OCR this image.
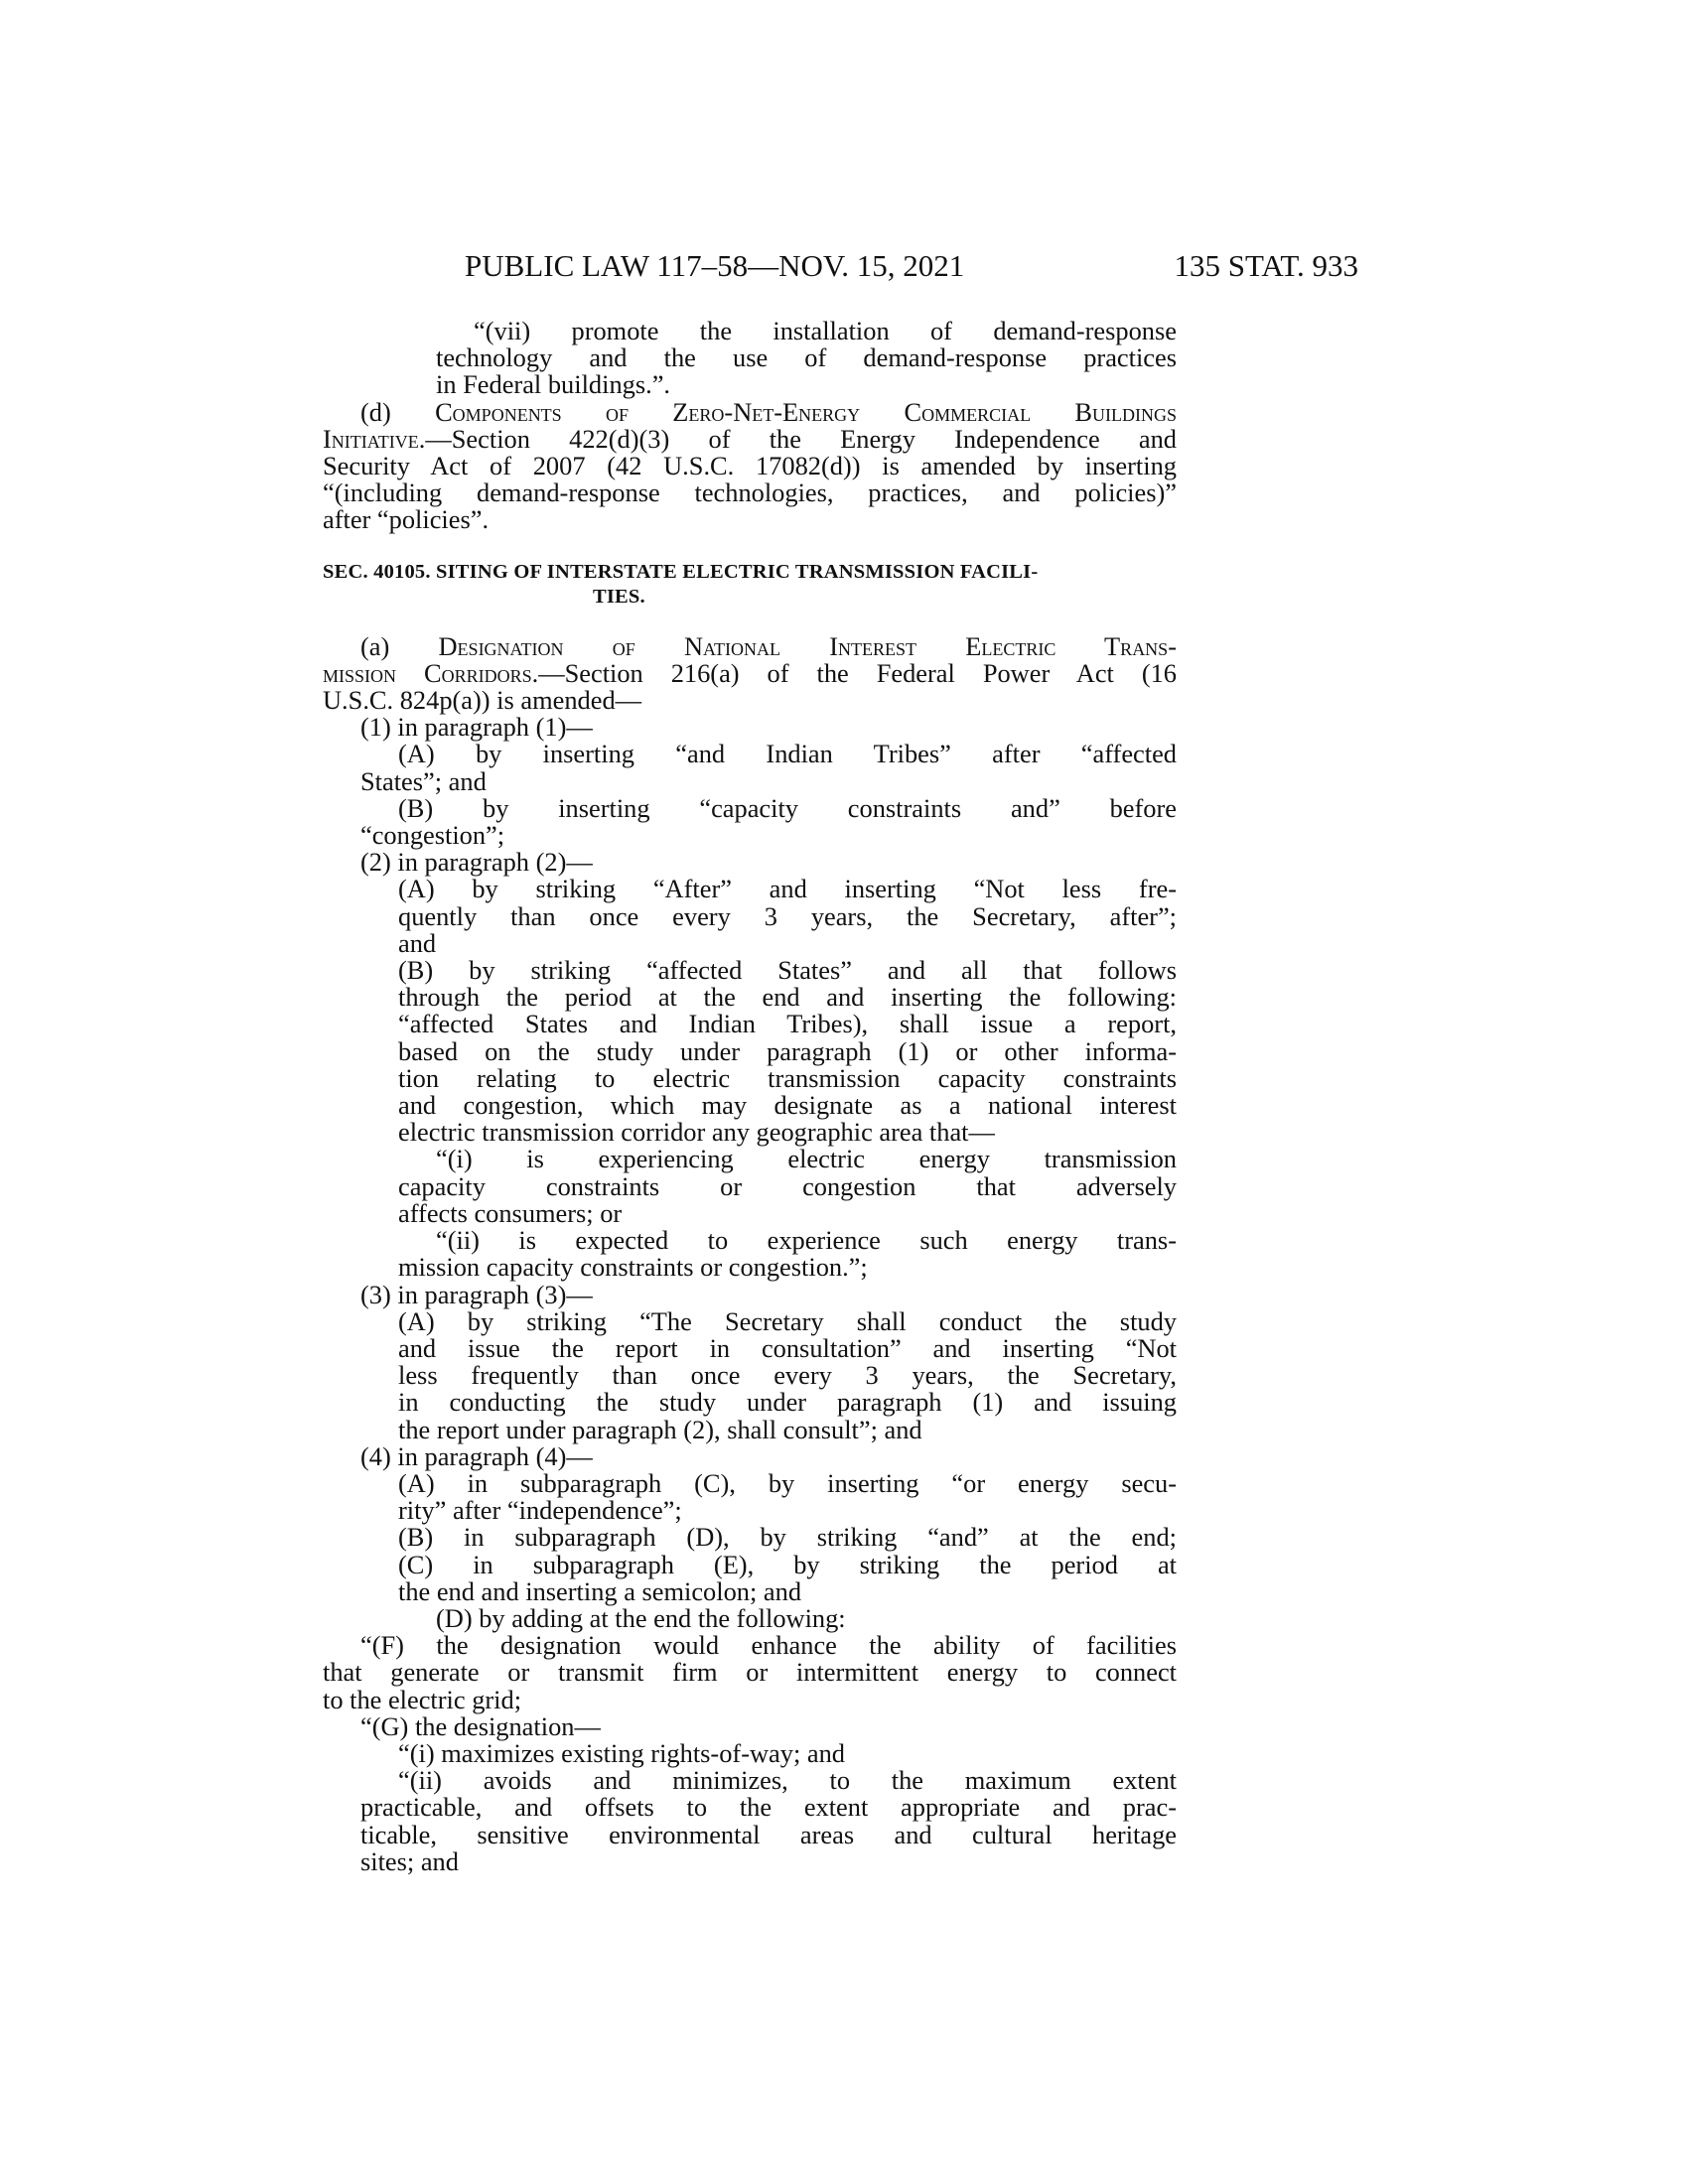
PUBLIC LAW 117–58—NOV. 15, 2021	135 STAT. 933

“(vii) promote the installation of demand-response

technology and the use of demand-response practices

in Federal buildings.”.

(d) Components of Zero-Net-Energy Commercial Buildings

Initiative.—Section 422(d)(3) of the Energy Independence and

Security Act of 2007 (42 U.S.C. 17082(d)) is amended by inserting

“(including demand-response technologies, practices, and policies)”

after “policies”.

SEC. 40105. SITING OF INTERSTATE ELECTRIC TRANSMISSION FACILI-
TIES.

(a) Designation of National Interest Electric Trans-

mission Corridors.—Section 216(a) of the Federal Power Act (16

U.S.C. 824p(a)) is amended—

(1) in paragraph (1)—

(A) by inserting “and Indian Tribes” after “affected

States”; and

(B) by inserting “capacity constraints and” before

“congestion”;

(2) in paragraph (2)—

(A) by striking “After” and inserting “Not less fre-

quently than once every 3 years, the Secretary, after”;

and

(B) by striking “affected States” and all that follows

through the period at the end and inserting the following:

“affected States and Indian Tribes), shall issue a report,

based on the study under paragraph (1) or other informa-

tion relating to electric transmission capacity constraints

and congestion, which may designate as a national interest

electric transmission corridor any geographic area that—

“(i) is experiencing electric energy transmission

capacity constraints or congestion that adversely

affects consumers; or

“(ii) is expected to experience such energy trans-

mission capacity constraints or congestion.”;

(3) in paragraph (3)—

(A) by striking “The Secretary shall conduct the study

and issue the report in consultation” and inserting “Not

less frequently than once every 3 years, the Secretary,

in conducting the study under paragraph (1) and issuing

the report under paragraph (2), shall consult”; and

(4) in paragraph (4)—

(A) in subparagraph (C), by inserting “or energy secu-

rity” after “independence”;

(B) in subparagraph (D), by striking “and” at the end;

(C) in subparagraph (E), by striking the period at

the end and inserting a semicolon; and

(D) by adding at the end the following:

“(F) the designation would enhance the ability of facilities

that generate or transmit firm or intermittent energy to connect

to the electric grid;

“(G) the designation—

“(i) maximizes existing rights-of-way; and

“(ii) avoids and minimizes, to the maximum extent

practicable, and offsets to the extent appropriate and prac-

ticable, sensitive environmental areas and cultural heritage

sites; and
